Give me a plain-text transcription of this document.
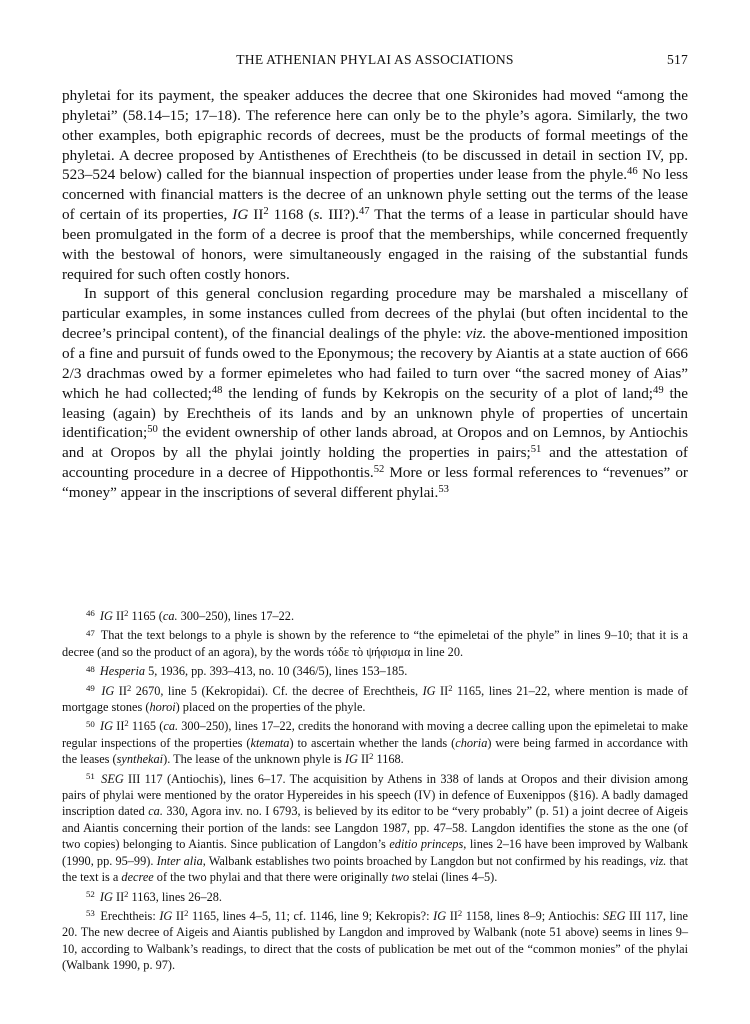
THE ATHENIAN PHYLAI AS ASSOCIATIONS	517

phyletai for its payment, the speaker adduces the decree that one Skironides had moved “among the phyletai” (58.14–15; 17–18). The reference here can only be to the phyle’s agora. Similarly, the two other examples, both epigraphic records of decrees, must be the products of formal meetings of the phyletai. A decree proposed by Antisthenes of Erechtheis (to be discussed in detail in section IV, pp. 523–524 below) called for the biannual inspection of properties under lease from the phyle.$^{46}$ No less concerned with financial matters is the decree of an unknown phyle setting out the terms of the lease of certain of its properties, IG $II^2$ 1168 (s. III?).$^{47}$ That the terms of a lease in particular should have been promulgated in the form of a decree is proof that the memberships, while concerned frequently with the bestowal of honors, were simultaneously engaged in the raising of the substantial funds required for such often costly honors.

In support of this general conclusion regarding procedure may be marshaled a miscellany of particular examples, in some instances culled from decrees of the phylai (but often incidental to the decree’s principal content), of the financial dealings of the phyle: viz. the above-mentioned imposition of a fine and pursuit of funds owed to the Eponymous; the recovery by Aiantis at a state auction of 666 2/3 drachmas owed by a former epimeletes who had failed to turn over “the sacred money of Aias” which he had collected;$^{48}$ the lending of funds by Kekropis on the security of a plot of land;$^{49}$ the leasing (again) by Erechtheis of its lands and by an unknown phyle of properties of uncertain identification;$^{50}$ the evident ownership of other lands abroad, at Oropos and on Lemnos, by Antiochis and at Oropos by all the phylai jointly holding the properties in pairs;$^{51}$ and the attestation of accounting procedure in a decree of Hippothontis.$^{52}$ More or less formal references to “revenues” or “money” appear in the inscriptions of several different phylai.$^{53}$

$^{46}$ IG $II^2$ 1165 (ca. 300–250), lines 17–22.

$^{47}$ That the text belongs to a phyle is shown by the reference to “the epimeletai of the phyle” in lines 9–10; that it is a decree (and so the product of an agora), by the words τόδε τὸ ψήφισμα in line 20.

$^{48}$ Hesperia 5, 1936, pp. 393–413, no. 10 (346/5), lines 153–185.

$^{49}$ IG $II^2$ 2670, line 5 (Kekropidai). Cf. the decree of Erechtheis, IG $II^2$ 1165, lines 21–22, where mention is made of mortgage stones (horoi) placed on the properties of the phyle.

$^{50}$ IG $II^2$ 1165 (ca. 300–250), lines 17–22, credits the honorand with moving a decree calling upon the epimeletai to make regular inspections of the properties (ktemata) to ascertain whether the lands (choria) were being farmed in accordance with the leases (synthekai). The lease of the unknown phyle is IG $II^2$ 1168.

$^{51}$ SEG III 117 (Antiochis), lines 6–17. The acquisition by Athens in 338 of lands at Oropos and their division among pairs of phylai were mentioned by the orator Hypereides in his speech (IV) in defence of Euxenippos (§16). A badly damaged inscription dated ca. 330, Agora inv. no. I 6793, is believed by its editor to be “very probably” (p. 51) a joint decree of Aigeis and Aiantis concerning their portion of the lands: see Langdon 1987, pp. 47–58. Langdon identifies the stone as the one (of two copies) belonging to Aiantis. Since publication of Langdon’s editio princeps, lines 2–16 have been improved by Walbank (1990, pp. 95–99). Inter alia, Walbank establishes two points broached by Langdon but not confirmed by his readings, viz. that the text is a decree of the two phylai and that there were originally two stelai (lines 4–5).

$^{52}$ IG $II^2$ 1163, lines 26–28.

$^{53}$ Erechtheis: IG $II^2$ 1165, lines 4–5, 11; cf. 1146, line 9; Kekropis?: IG $II^2$ 1158, lines 8–9; Antiochis: SEG III 117, line 20. The new decree of Aigeis and Aiantis published by Langdon and improved by Walbank (note 51 above) seems in lines 9–10, according to Walbank’s readings, to direct that the costs of publication be met out of the “common monies” of the phylai (Walbank 1990, p. 97).
